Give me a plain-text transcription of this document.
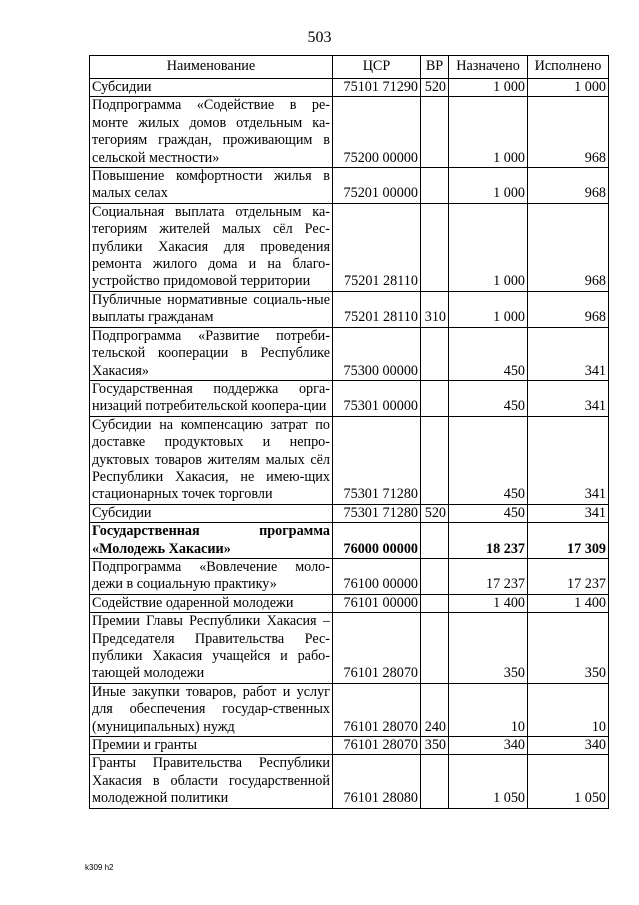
503
Наименование	ЦСР	ВР	Назначено	Исполнено
Субсидии	75101 71290	520	1 000	1 000
Подпрограмма «Содействие в ре-монте жилых домов отдельным ка-тегориям граждан, проживающим в сельской местности»	75200 00000		1 000	968
Повышение комфортности жилья в малых селах	75201 00000		1 000	968
Социальная выплата отдельным ка-тегориям жителей малых сёл Рес-публики Хакасия для проведения ремонта жилого дома и на благо-устройство придомовой территории	75201 28110		1 000	968
Публичные нормативные социаль-ные выплаты гражданам	75201 28110	310	1 000	968
Подпрограмма «Развитие потреби-тельской кооперации в Республике Хакасия»	75300 00000		450	341
Государственная поддержка орга-низаций потребительской коопера-ции	75301 00000		450	341
Субсидии на компенсацию затрат по доставке продуктовых и непро-дуктовых товаров жителям малых сёл Республики Хакасия, не имею-щих стационарных точек торговли	75301 71280		450	341
Субсидии	75301 71280	520	450	341
Государственная программа «Молодежь Хакасии»	76000 00000		18 237	17 309
Подпрограмма «Вовлечение моло-дежи в социальную практику»	76100 00000		17 237	17 237
Содействие одаренной молодежи	76101 00000		1 400	1 400
Премии Главы Республики Хакасия – Председателя Правительства Рес-публики Хакасия учащейся и рабо-тающей молодежи	76101 28070		350	350
Иные закупки товаров, работ и услуг для обеспечения государ-ственных (муниципальных) нужд	76101 28070	240	10	10
Премии и гранты	76101 28070	350	340	340
Гранты Правительства Республики Хакасия в области государственной молодежной политики	76101 28080		1 050	1 050
k309 h2
